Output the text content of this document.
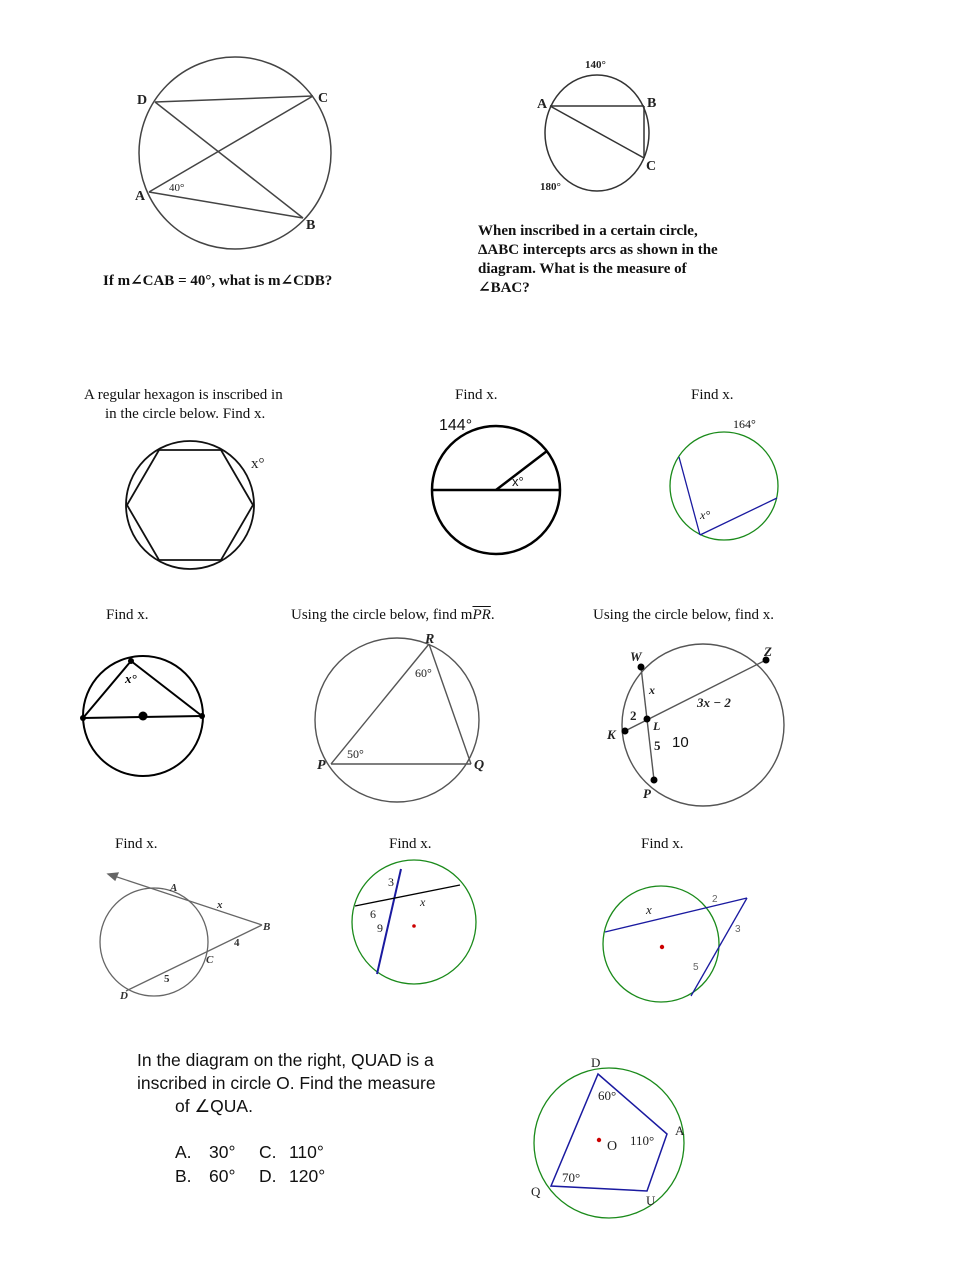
D	C
A
B
40°
140°
A	B
C
180°
x°
144°
x°
164°
x°
x°
R
P	Q
60°
50°
W	Z
K
L
P
x
2
5
3x − 2
10
A
B
C
D
x
4
5
3
6
9
x	x
2
3
5
D
A
O
Q
U
60°
110°
70°
If m∠CAB = 40°, what is m∠CDB?
When inscribed in a certain circle,
ΔABC intercepts arcs as shown in the
diagram. What is the measure of
∠BAC?
A regular hexagon is inscribed in
in the circle below. Find x.
Find x.	Find x.
Find x.	Using the circle below, find $m\overline{PR}$.	Using the circle below, find x.
Find x.	Find x.	Find x.
In the diagram on the right, QUAD is a
inscribed in circle O. Find the measure
of ∠QUA.
A. 30° C. 110°
B. 60° D. 120°
